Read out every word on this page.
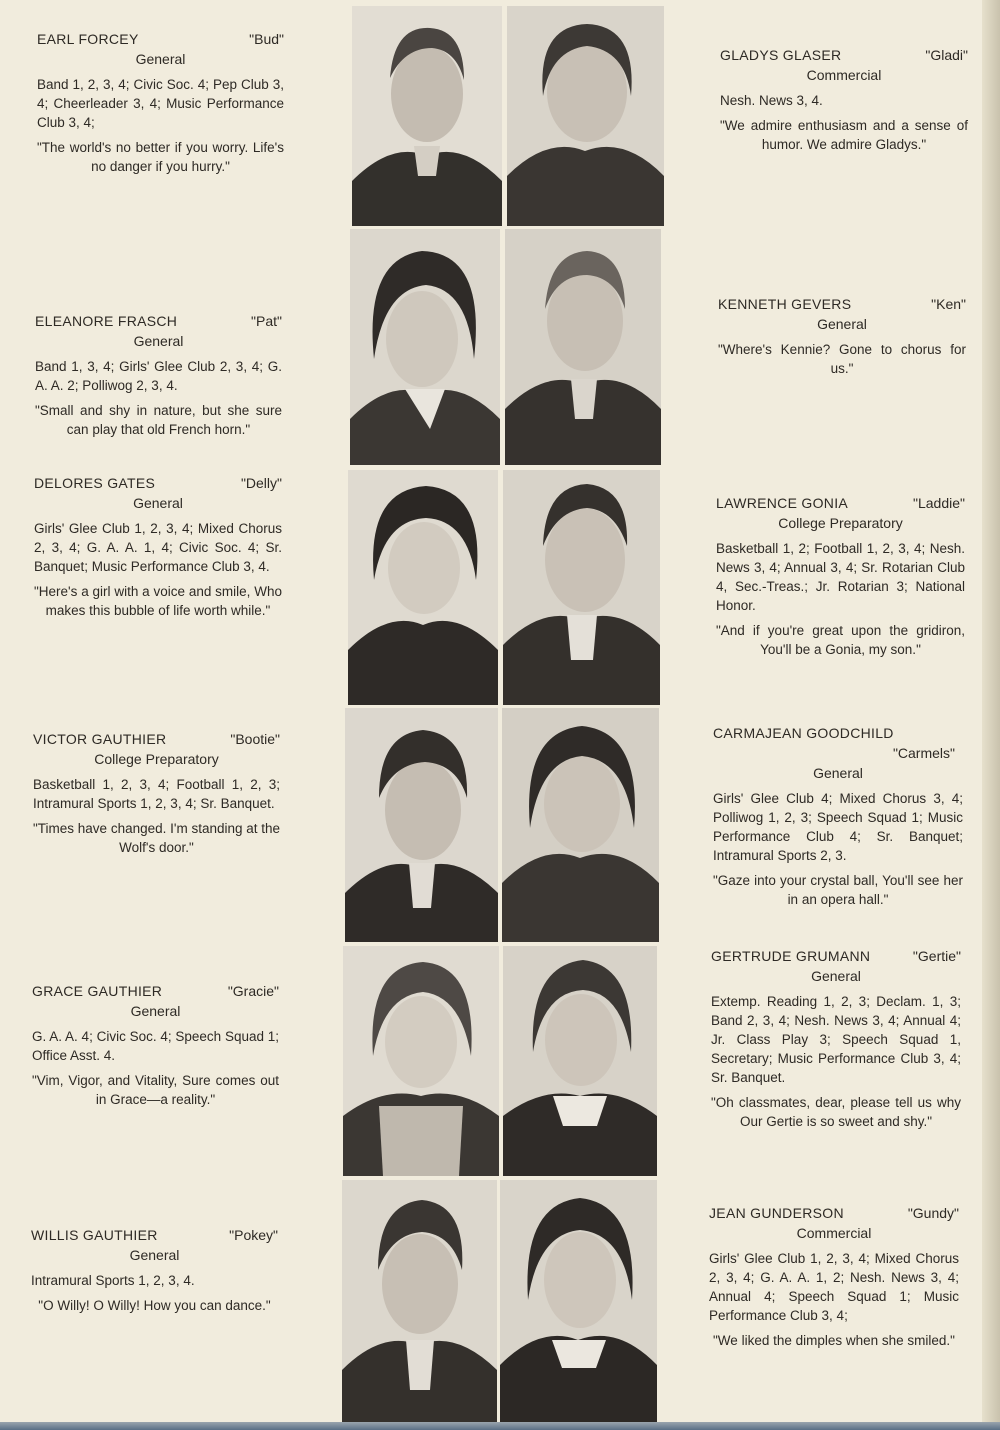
EARL FORCEY	"Bud"
General
Band 1, 2, 3, 4; Civic Soc. 4; Pep Club 3, 4; Cheerleader 3, 4; Music Performance Club 3, 4;
"The world's no better if you worry. Life's no danger if you hurry."
ELEANORE FRASCH	"Pat"
General
Band 1, 3, 4; Girls' Glee Club 2, 3, 4; G. A. A. 2; Polliwog 2, 3, 4.
"Small and shy in nature, but she sure can play that old French horn."
DELORES GATES	"Delly"
General
Girls' Glee Club 1, 2, 3, 4; Mixed Chorus 2, 3, 4; G. A. A. 1, 4; Civic Soc. 4; Sr. Banquet; Music Performance Club 3, 4.
"Here's a girl with a voice and smile, Who makes this bubble of life worth while."
VICTOR GAUTHIER	"Bootie"
College Preparatory
Basketball 1, 2, 3, 4; Football 1, 2, 3; Intramural Sports 1, 2, 3, 4; Sr. Banquet.
"Times have changed. I'm standing at the Wolf's door."
GRACE GAUTHIER	"Gracie"
General
G. A. A. 4; Civic Soc. 4; Speech Squad 1; Office Asst. 4.
"Vim, Vigor, and Vitality, Sure comes out in Grace—a reality."
WILLIS GAUTHIER	"Pokey"
General
Intramural Sports 1, 2, 3, 4.
"O Willy! O Willy! How you can dance."
GLADYS GLASER	"Gladi"
Commercial
Nesh. News 3, 4.
"We admire enthusiasm and a sense of humor. We admire Gladys."
KENNETH GEVERS	"Ken"
General
"Where's Kennie? Gone to chorus for us."
LAWRENCE GONIA	"Laddie"
College Preparatory
Basketball 1, 2; Football 1, 2, 3, 4; Nesh. News 3, 4; Annual 3, 4; Sr. Rotarian Club 4, Sec.-Treas.; Jr. Rotarian 3; National Honor.
"And if you're great upon the gridiron, You'll be a Gonia, my son."
CARMAJEAN GOODCHILD
"Carmels"
General
Girls' Glee Club 4; Mixed Chorus 3, 4; Polliwog 1, 2, 3; Speech Squad 1; Music Performance Club 4; Sr. Banquet; Intramural Sports 2, 3.
"Gaze into your crystal ball, You'll see her in an opera hall."
GERTRUDE GRUMANN	"Gertie"
General
Extemp. Reading 1, 2, 3; Declam. 1, 3; Band 2, 3, 4; Nesh. News 3, 4; Annual 4; Jr. Class Play 3; Speech Squad 1, Secretary; Music Performance Club 3, 4; Sr. Banquet.
"Oh classmates, dear, please tell us why Our Gertie is so sweet and shy."
JEAN GUNDERSON	"Gundy"
Commercial
Girls' Glee Club 1, 2, 3, 4; Mixed Chorus 2, 3, 4; G. A. A. 1, 2; Nesh. News 3, 4; Annual 4; Speech Squad 1; Music Performance Club 3, 4;
"We liked the dimples when she smiled."
